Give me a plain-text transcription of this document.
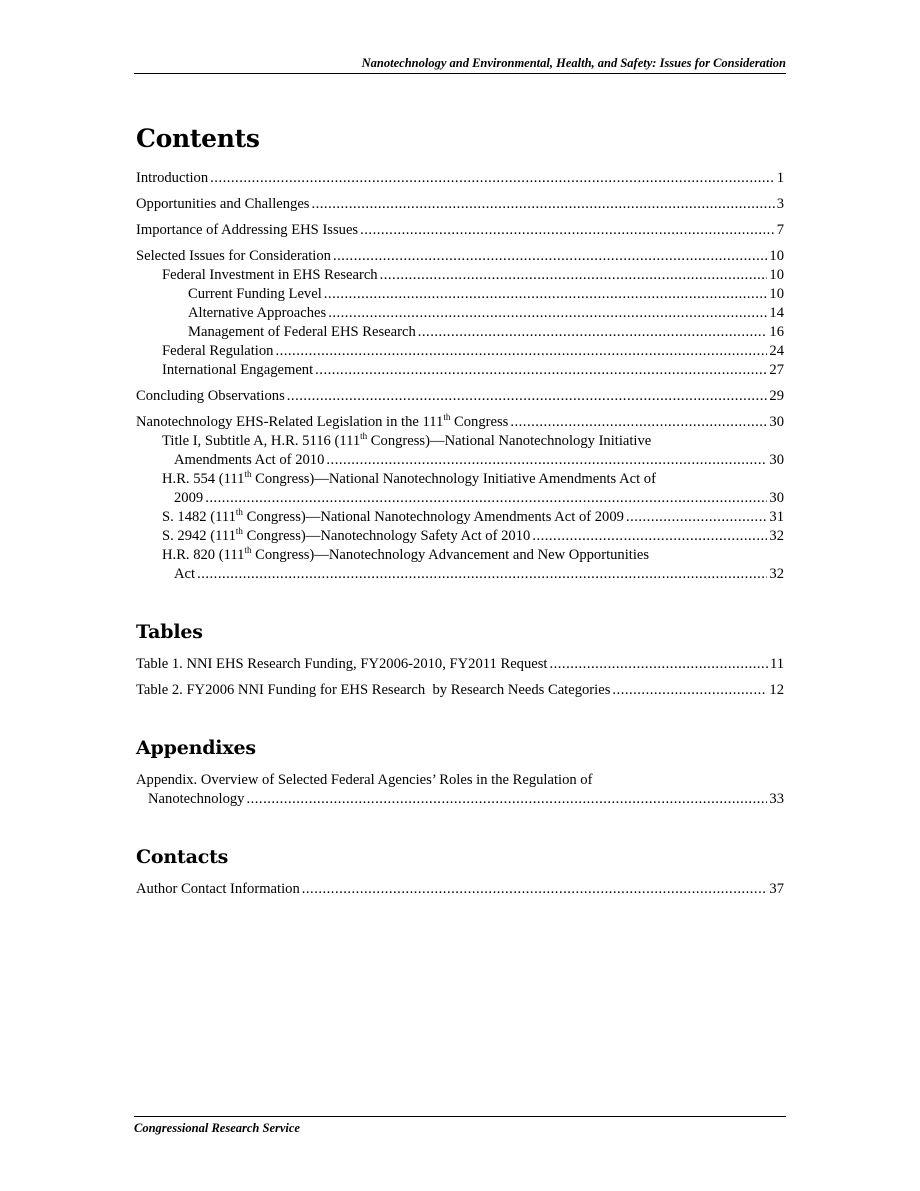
Nanotechnology and Environmental, Health, and Safety: Issues for Consideration
Contents
Introduction .....	1
Opportunities and Challenges .....	3
Importance of Addressing EHS Issues .....	7
Selected Issues for Consideration .....	10
Federal Investment in EHS Research .....	10
Current Funding Level .....	10
Alternative Approaches .....	14
Management of Federal EHS Research .....	16
Federal Regulation .....	24
International Engagement .....	27
Concluding Observations .....	29
Nanotechnology EHS-Related Legislation in the 111th Congress .....	30
Title I, Subtitle A, H.R. 5116 (111th Congress)—National Nanotechnology Initiative
Amendments Act of 2010 .....	30
H.R. 554 (111th Congress)—National Nanotechnology Initiative Amendments Act of
2009 .....	30
S. 1482 (111th Congress)—National Nanotechnology Amendments Act of 2009 .....	31
S. 2942 (111th Congress)—Nanotechnology Safety Act of 2010 .....	32
H.R. 820 (111th Congress)—Nanotechnology Advancement and New Opportunities
Act .....	32
Tables
Table 1. NNI EHS Research Funding, FY2006-2010, FY2011 Request .....	11
Table 2. FY2006 NNI Funding for EHS Research  by Research Needs Categories .....	12
Appendixes
Appendix. Overview of Selected Federal Agencies’ Roles in the Regulation of
Nanotechnology .....	33
Contacts
Author Contact Information .....	37
Congressional Research Service
